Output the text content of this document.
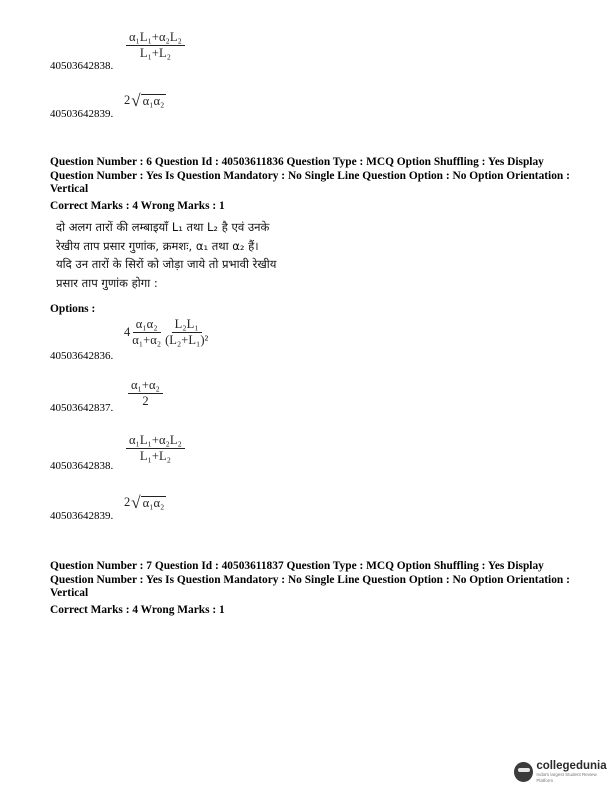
$\frac{\text{α₁L₁+α₂L₂}}{\text{L₁+L₂}}$
40503642838.
2 √ α₁α₂
40503642839.
Question Number : 6 Question Id : 40503611836 Question Type : MCQ Option Shuffling : Yes Display Question Number : Yes Is Question Mandatory : No Single Line Question Option : No Option Orientation : Vertical
Correct Marks : 4 Wrong Marks : 1
दो अलग तारों की लम्बाइयाँ L₁ तथा L₂ है एवं उनके
रेखीय ताप प्रसार गुणांक, क्रमशः, α₁ तथा α₂ हैं।
यदि उन तारों के सिरों को जोड़ा जाये तो प्रभावी रेखीय
प्रसार ताप गुणांक होगा :
Options :
$4 \frac{\text{α₁α₂}}{\text{α₁+α₂}} \frac{\text{L₂L₁}}{\text{(L₂+L₁)²}}$
40503642836.
$\frac{\text{α₁+α₂}}{2}$
40503642837.
$\frac{\text{α₁L₁+α₂L₂}}{\text{L₁+L₂}}$
40503642838.
2 √ α₁α₂
40503642839.
Question Number : 7 Question Id : 40503611837 Question Type : MCQ Option Shuffling : Yes Display Question Number : Yes Is Question Mandatory : No Single Line Question Option : No Option Orientation : Vertical
Correct Marks : 4 Wrong Marks : 1
collegedunia
India's largest Student Review Platform
